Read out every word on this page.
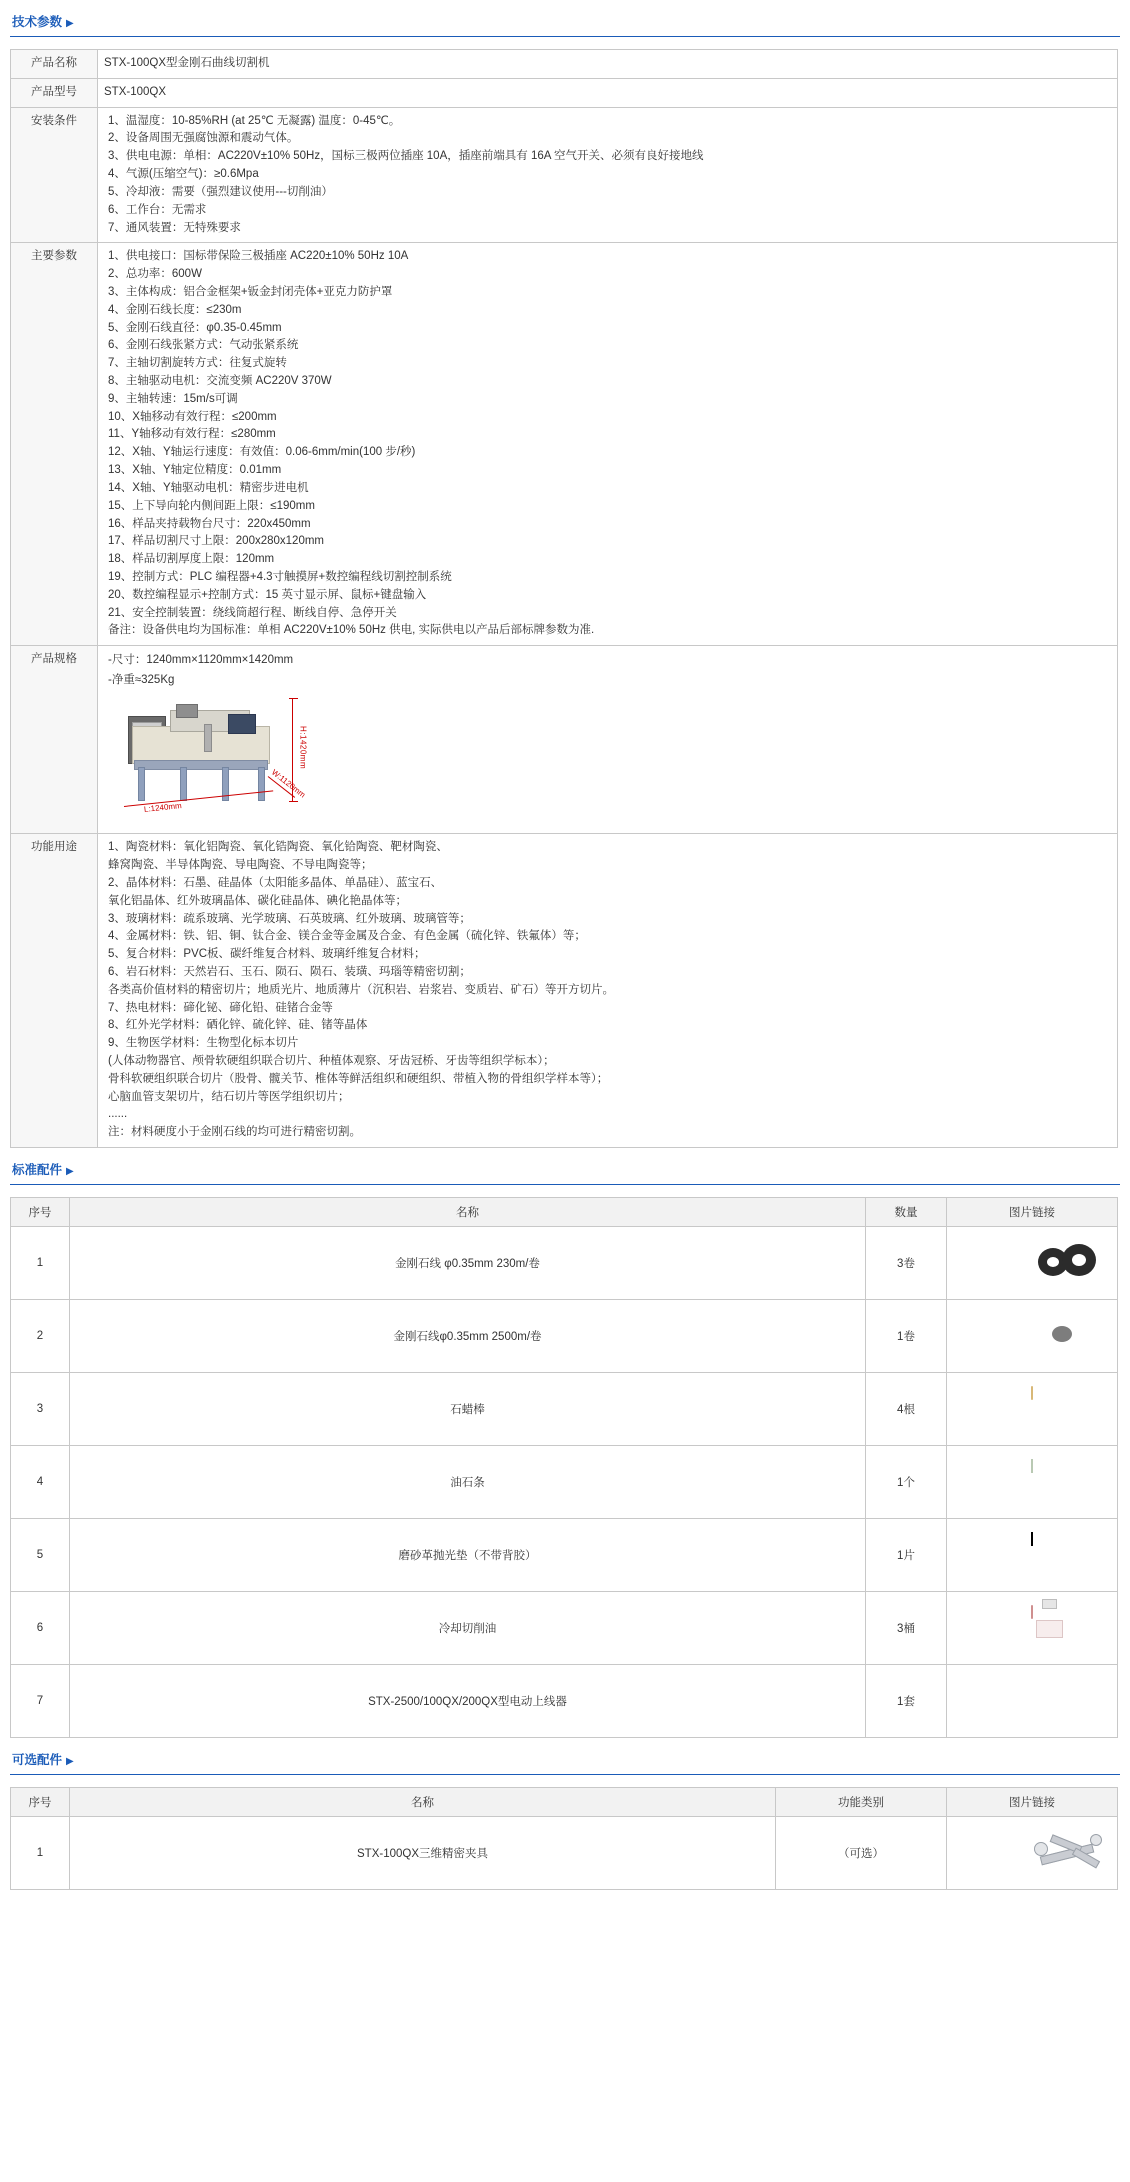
技术参数 ▶
产品名称	STX-100QX型金刚石曲线切割机
产品型号	STX-100QX
安装条件	1、温湿度：10-85%RH (at 25℃ 无凝露) 温度：0-45℃。
2、设备周围无强腐蚀源和震动气体。
3、供电电源：单相：AC220V±10% 50Hz，国标三极两位插座 10A，插座前端具有 16A 空气开关、必须有良好接地线
4、气源(压缩空气)：≥0.6Mpa
5、冷却液：需要（强烈建议使用---切削油）
6、工作台：无需求
7、通风装置：无特殊要求

主要参数	1、供电接口：国标带保险三极插座 AC220±10% 50Hz 10A
2、总功率：600W
3、主体构成：铝合金框架+钣金封闭壳体+亚克力防护罩
4、金刚石线长度：≤230m
5、金刚石线直径：φ0.35-0.45mm
6、金刚石线张紧方式：气动张紧系统
7、主轴切割旋转方式：往复式旋转
8、主轴驱动电机：交流变频 AC220V 370W
9、主轴转速：15m/s可调
10、X轴移动有效行程：≤200mm
11、Y轴移动有效行程：≤280mm
12、X轴、Y轴运行速度：有效值：0.06-6mm/min(100 步/秒)
13、X轴、Y轴定位精度：0.01mm
14、X轴、Y轴驱动电机：精密步进电机
15、上下导向轮内侧间距上限：≤190mm
16、样品夹持载物台尺寸：220x450mm
17、样品切割尺寸上限：200x280x120mm
18、样品切割厚度上限：120mm
19、控制方式：PLC 编程器+4.3寸触摸屏+数控编程线切割控制系统
20、数控编程显示+控制方式：15 英寸显示屏、鼠标+键盘输入
21、安全控制装置：绕线筒超行程、断线自停、急停开关
备注：设备供电均为国标准：单相 AC220V±10% 50Hz 供电, 实际供电以产品后部标牌参数为准.

产品规格	-尺寸：1240mm×1120mm×1420mm
-净重≈325Kg
H:1420mm
L:1240mm
W:1120mm

功能用途	1、陶瓷材料：氧化铝陶瓷、氧化锆陶瓷、氧化铪陶瓷、靶材陶瓷、
蜂窝陶瓷、半导体陶瓷、导电陶瓷、不导电陶瓷等；
2、晶体材料：石墨、硅晶体（太阳能多晶体、单晶硅）、蓝宝石、
氧化铝晶体、红外玻璃晶体、碳化硅晶体、碘化艳晶体等；
3、玻璃材料：疏系玻璃、光学玻璃、石英玻璃、红外玻璃、玻璃管等；
4、金属材料：铁、铝、铜、钛合金、镁合金等金属及合金、有色金属（硫化锌、铁氟体）等；
5、复合材料：PVC板、碳纤维复合材料、玻璃纤维复合材料；
6、岩石材料：天然岩石、玉石、陨石、陨石、装璜、玛瑙等精密切割；
各类高价值材料的精密切片；地质光片、地质薄片（沉积岩、岩浆岩、变质岩、矿石）等开方切片。
7、热电材料：碲化铋、碲化铅、硅锗合金等
8、红外光学材料：硒化锌、硫化锌、硅、锗等晶体
9、生物医学材料：生物型化标本切片
(人体动物器官、颅骨软硬组织联合切片、种植体观察、牙齿冠桥、牙齿等组织学标本）；
骨科软硬组织联合切片（股骨、髋关节、椎体等鲜活组织和硬组织、带植入物的骨组织学样本等）；
心脑血管支架切片，结石切片等医学组织切片；
......
注：材料硬度小于金刚石线的均可进行精密切割。
标准配件 ▶
序号	名称	数量	图片链接
1	金刚石线 φ0.35mm 230m/卷	3卷	

2	金刚石线φ0.35mm 2500m/卷	1卷	
3	石蜡棒	4根	
4	油石条	1个	
5	磨砂革抛光垫（不带背胶）	1片	
6	冷却切削油	3桶	
7	STX-2500/100QX/200QX型电动上线器	1套	
可选配件 ▶
序号	名称	功能类别	图片链接
1	STX-100QX三维精密夹具	（可选）	
